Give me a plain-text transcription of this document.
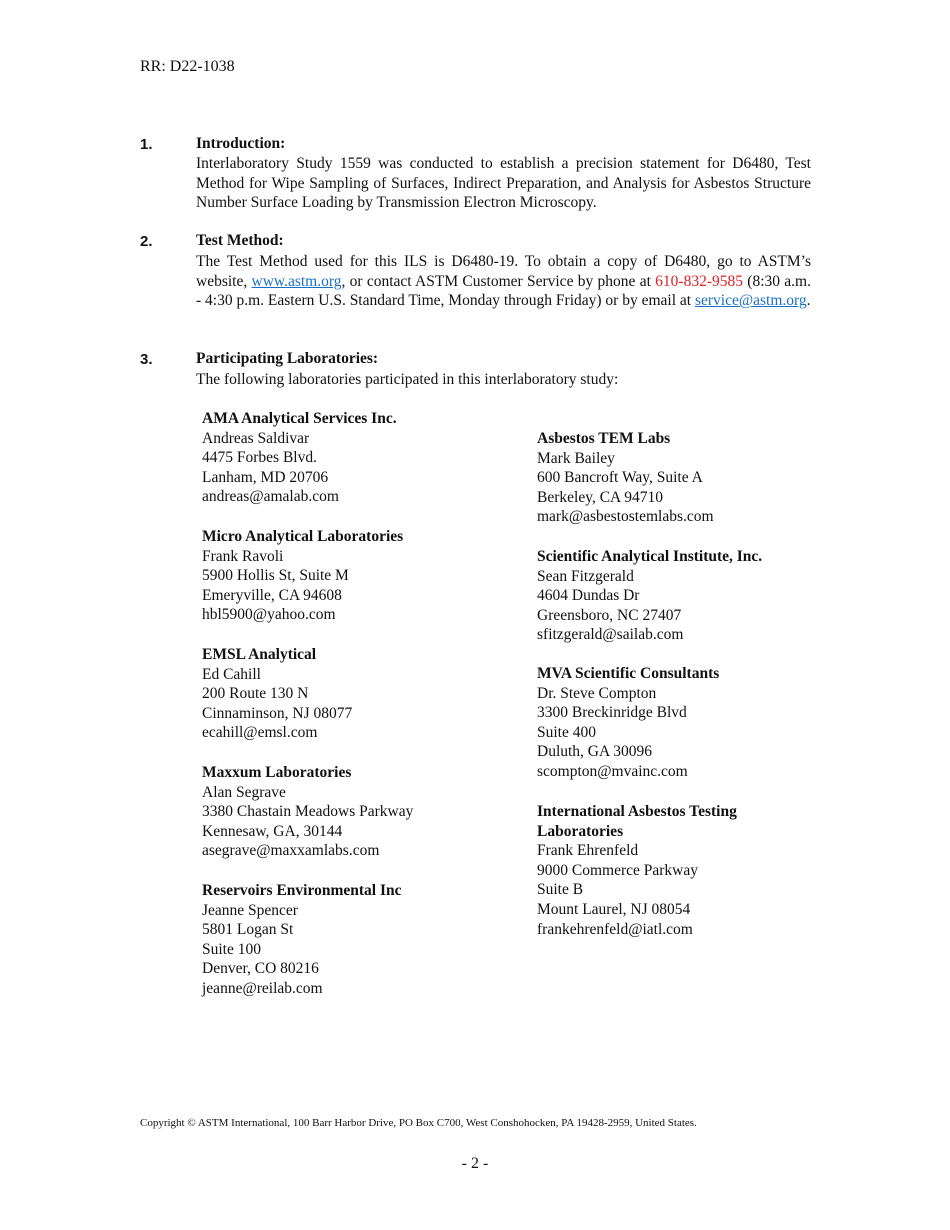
RR: D22-1038
1.	Introduction:
Interlaboratory Study 1559 was conducted to establish a precision statement for D6480, Test Method for Wipe Sampling of Surfaces, Indirect Preparation, and Analysis for Asbestos Structure Number Surface Loading by Transmission Electron Microscopy.
2.	Test Method:
The Test Method used for this ILS is D6480-19. To obtain a copy of D6480, go to ASTM’s website, www.astm.org, or contact ASTM Customer Service by phone at 610-832-9585 (8:30 a.m. - 4:30 p.m. Eastern U.S. Standard Time, Monday through Friday) or by email at service@astm.org.
3.	Participating Laboratories:
The following laboratories participated in this interlaboratory study:
AMA Analytical Services Inc.
Andreas Saldivar
4475 Forbes Blvd.
Lanham, MD 20706
andreas@amalab.com
Micro Analytical Laboratories
Frank Ravoli
5900 Hollis St, Suite M
Emeryville, CA 94608
hbl5900@yahoo.com
EMSL Analytical
Ed Cahill
200 Route 130 N
Cinnaminson, NJ 08077
ecahill@emsl.com
Maxxum Laboratories
Alan Segrave
3380 Chastain Meadows Parkway
Kennesaw, GA, 30144
asegrave@maxxamlabs.com
Reservoirs Environmental Inc
Jeanne Spencer
5801 Logan St
Suite 100
Denver, CO 80216
jeanne@reilab.com
Asbestos TEM Labs
Mark Bailey
600 Bancroft Way, Suite A
Berkeley, CA 94710
mark@asbestostemlabs.com
Scientific Analytical Institute, Inc.
Sean Fitzgerald
4604 Dundas Dr
Greensboro, NC 27407
sfitzgerald@sailab.com
MVA Scientific Consultants
Dr. Steve Compton
3300 Breckinridge Blvd
Suite 400
Duluth, GA 30096
scompton@mvainc.com
International Asbestos Testing Laboratories
Frank Ehrenfeld
9000 Commerce Parkway
Suite B
Mount Laurel, NJ 08054
frankehrenfeld@iatl.com
Copyright © ASTM International, 100 Barr Harbor Drive, PO Box C700, West Conshohocken, PA 19428-2959, United States.
- 2 -
